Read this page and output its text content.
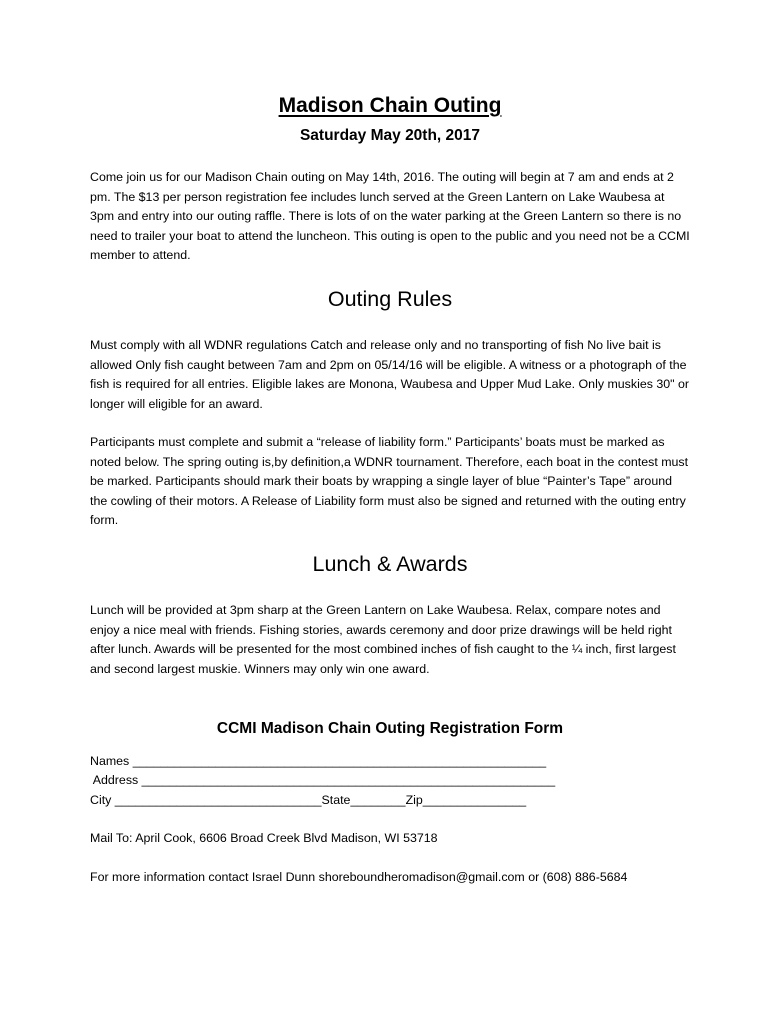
Madison Chain Outing
Saturday May 20th, 2017

Come join us for our Madison Chain outing on May 14th, 2016. The outing will begin at 7 am and ends at 2 pm. The $13 per person registration fee includes lunch served at the Green Lantern on Lake Waubesa at 3pm and entry into our outing raffle. There is lots of on the water parking at the Green Lantern so there is no need to trailer your boat to attend the luncheon. This outing is open to the public and you need not be a CCMI member to attend.

Outing Rules

Must comply with all WDNR regulations Catch and release only and no transporting of fish No live bait is allowed Only fish caught between 7am and 2pm on 05/14/16 will be eligible. A witness or a photograph of the fish is required for all entries. Eligible lakes are Monona, Waubesa and Upper Mud Lake. Only muskies 30" or longer will eligible for an award.

Participants must complete and submit a “release of liability form.” Participants’ boats must be marked as noted below. The spring outing is,by definition,a WDNR tournament. Therefore, each boat in the contest must be marked. Participants should mark their boats by wrapping a single layer of blue “Painter’s Tape” around the cowling of their motors. A Release of Liability form must also be signed and returned with the outing entry form.

Lunch & Awards

Lunch will be provided at 3pm sharp at the Green Lantern on Lake Waubesa. Relax, compare notes and enjoy a nice meal with friends. Fishing stories, awards ceremony and door prize drawings will be held right after lunch. Awards will be presented for the most combined inches of fish caught to the ¼ inch, first largest and second largest muskie. Winners may only win one award.

CCMI Madison Chain Outing Registration Form
Names ____________________________________________________________
Address ____________________________________________________________
City ______________________________State________Zip_______________

Mail To: April Cook, 6606 Broad Creek Blvd Madison, WI 53718

For more information contact Israel Dunn shoreboundheromadison@gmail.com or (608) 886-5684
